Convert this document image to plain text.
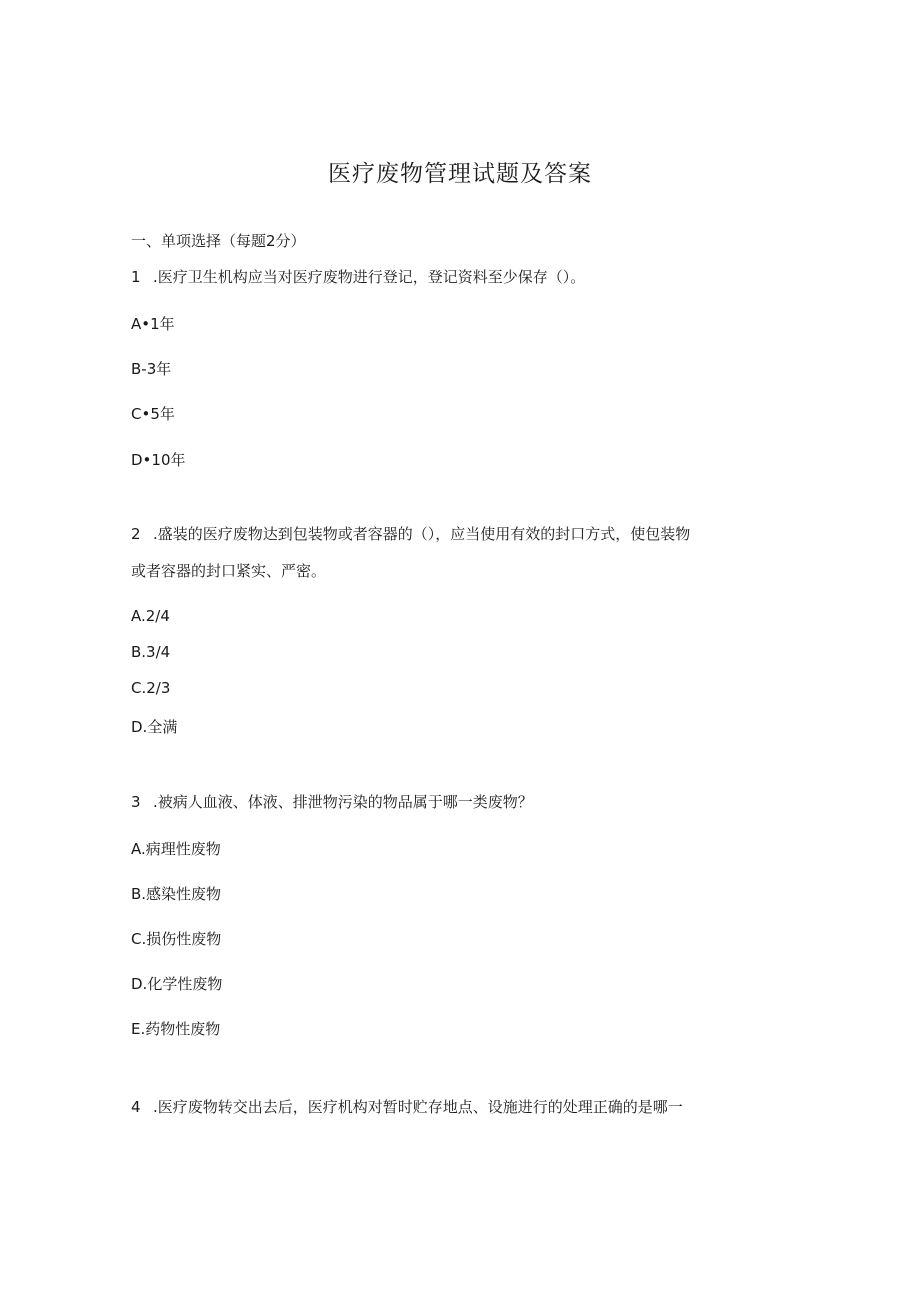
医疗废物管理试题及答案
一、单项选择（每题2分）
1 .医疗卫生机构应当对医疗废物进行登记，登记资料至少保存（）。
A•1年
B-3年
C•5年
D•10年
2 .盛装的医疗废物达到包装物或者容器的（），应当使用有效的封口方式，使包装物
或者容器的封口紧实、严密。
A.2/4
B.3/4
C.2/3
D.全满
3 .被病人血液、体液、排泄物污染的物品属于哪一类废物？
A.病理性废物
B.感染性废物
C.损伤性废物
D.化学性废物
E.药物性废物
4 .医疗废物转交出去后，医疗机构对暂时贮存地点、设施进行的处理正确的是哪一
